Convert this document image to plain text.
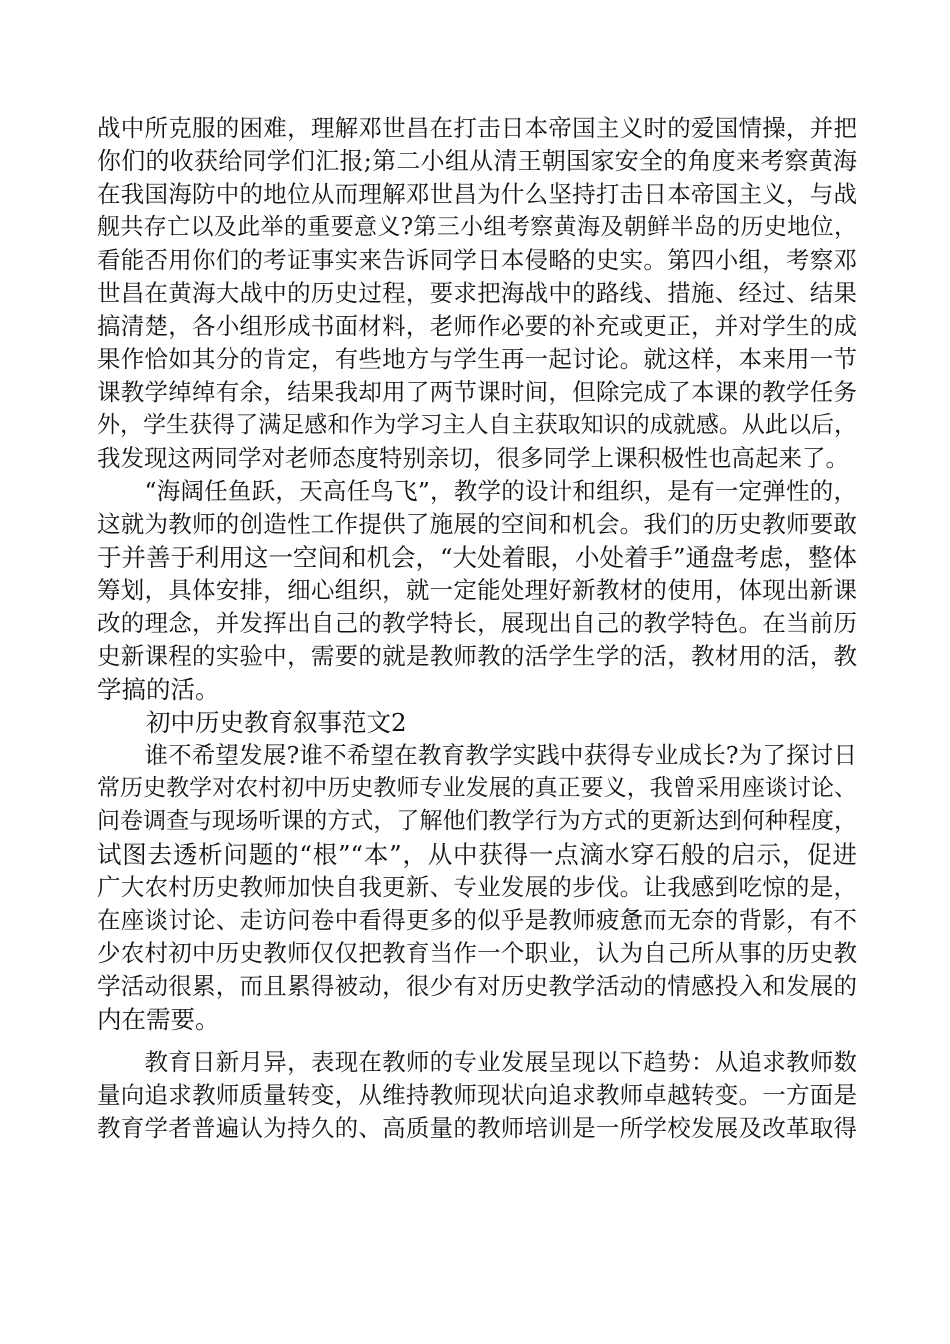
战中所克服的困难，理解邓世昌在打击日本帝国主义时的爱国情操，并把
你们的收获给同学们汇报;第二小组从清王朝国家安全的角度来考察黄海
在我国海防中的地位从而理解邓世昌为什么坚持打击日本帝国主义，与战
舰共存亡以及此举的重要意义?第三小组考察黄海及朝鲜半岛的历史地位，
看能否用你们的考证事实来告诉同学日本侵略的史实。第四小组，考察邓
世昌在黄海大战中的历史过程，要求把海战中的路线、措施、经过、结果
搞清楚，各小组形成书面材料，老师作必要的补充或更正，并对学生的成
果作恰如其分的肯定，有些地方与学生再一起讨论。就这样，本来用一节
课教学绰绰有余，结果我却用了两节课时间，但除完成了本课的教学任务
外，学生获得了满足感和作为学习主人自主获取知识的成就感。从此以后，
我发现这两同学对老师态度特别亲切，很多同学上课积极性也高起来了。
　　“海阔任鱼跃，天高任鸟飞”，教学的设计和组织，是有一定弹性的，
这就为教师的创造性工作提供了施展的空间和机会。我们的历史教师要敢
于并善于利用这一空间和机会，“大处着眼，小处着手”通盘考虑，整体
筹划，具体安排，细心组织，就一定能处理好新教材的使用，体现出新课
改的理念，并发挥出自己的教学特长，展现出自己的教学特色。在当前历
史新课程的实验中，需要的就是教师教的活学生学的活，教材用的活，教
学搞的活。
　　初中历史教育叙事范文2
　　谁不希望发展?谁不希望在教育教学实践中获得专业成长?为了探讨日
常历史教学对农村初中历史教师专业发展的真正要义，我曾采用座谈讨论、
问卷调查与现场听课的方式，了解他们教学行为方式的更新达到何种程度，
试图去透析问题的“根”“本”，从中获得一点滴水穿石般的启示，促进
广大农村历史教师加快自我更新、专业发展的步伐。让我感到吃惊的是，
在座谈讨论、走访问卷中看得更多的似乎是教师疲惫而无奈的背影，有不
少农村初中历史教师仅仅把教育当作一个职业，认为自己所从事的历史教
学活动很累，而且累得被动，很少有对历史教学活动的情感投入和发展的
内在需要。
　　教育日新月异，表现在教师的专业发展呈现以下趋势：从追求教师数
量向追求教师质量转变，从维持教师现状向追求教师卓越转变。一方面是
教育学者普遍认为持久的、高质量的教师培训是一所学校发展及改革取得
